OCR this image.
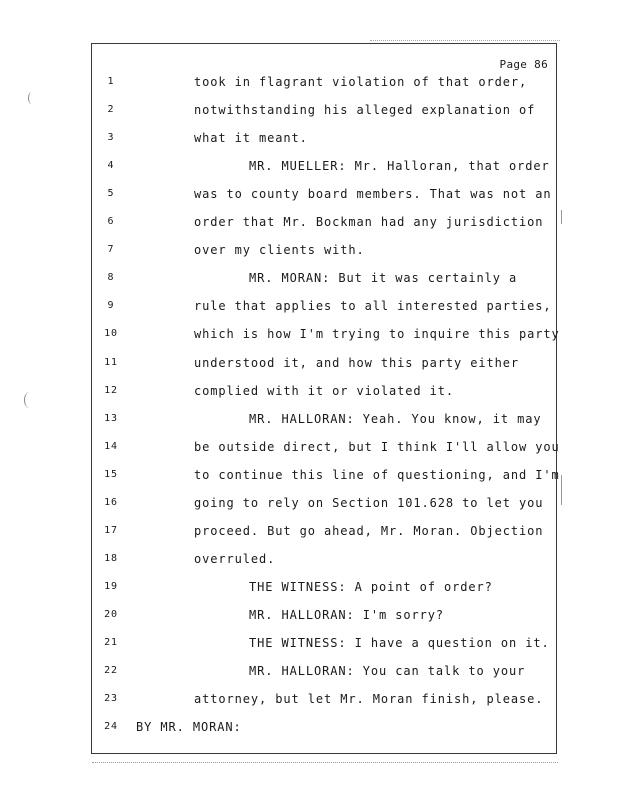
Page 86
1	took in flagrant violation of that order,
2	notwithstanding his alleged explanation of
3	what it meant.
4	MR. MUELLER: Mr. Halloran, that order
5	was to county board members. That was not an
6	order that Mr. Bockman had any jurisdiction
7	over my clients with.
8	MR. MORAN: But it was certainly a
9	rule that applies to all interested parties,
10	which is how I'm trying to inquire this party
11	understood it, and how this party either
12	complied with it or violated it.
13	MR. HALLORAN: Yeah. You know, it may
14	be outside direct, but I think I'll allow you
15	to continue this line of questioning, and I'm
16	going to rely on Section 101.628 to let you
17	proceed. But go ahead, Mr. Moran. Objection
18	overruled.
19	THE WITNESS: A point of order?
20	MR. HALLORAN: I'm sorry?
21	THE WITNESS: I have a question on it.
22	MR. HALLORAN: You can talk to your
23	attorney, but let Mr. Moran finish, please.
24	BY MR. MORAN:
